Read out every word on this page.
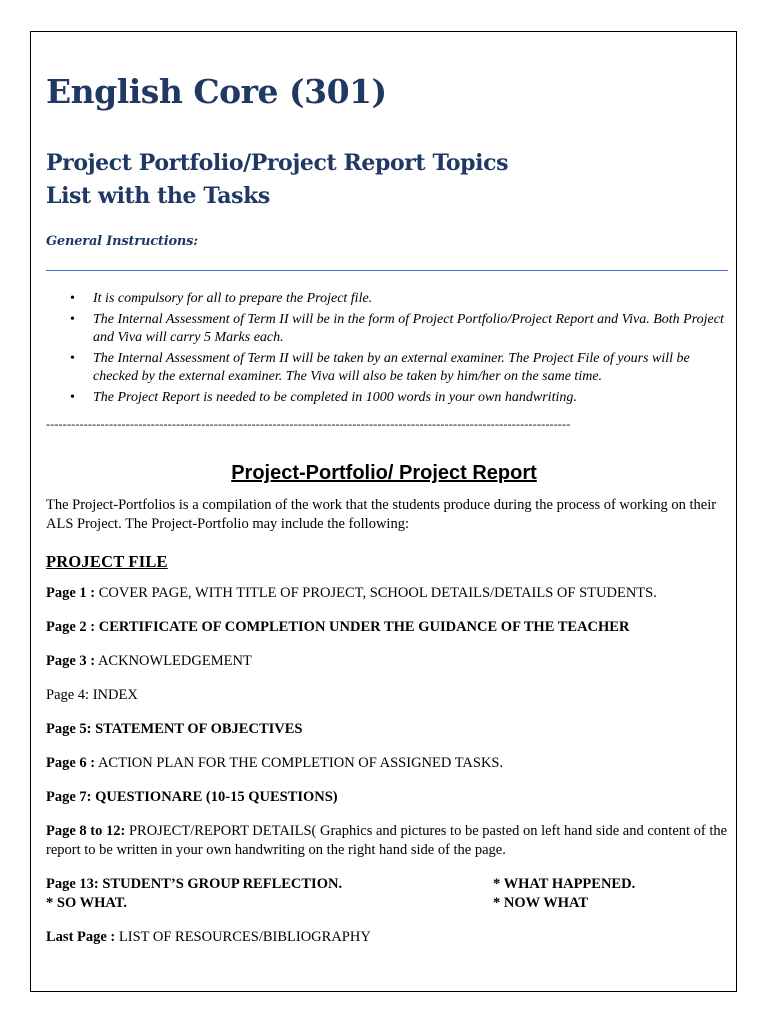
English Core (301)
Project Portfolio/Project Report Topics
List with the Tasks
General Instructions:
• It is compulsory for all to prepare the Project file.
• The Internal Assessment of Term II will be in the form of Project Portfolio/Project Report and Viva. Both Project and Viva will carry 5 Marks each.
• The Internal Assessment of Term II will be taken by an external examiner. The Project File of yours will be checked by the external examiner. The Viva will also be taken by him/her on the same time.
• The Project Report is needed to be completed in 1000 words in your own handwriting.
-----------------------------------------------------------------------------------------------------------------------------
Project-Portfolio/ Project Report
The Project-Portfolios is a compilation of the work that the students produce during the process of working on their ALS Project. The Project-Portfolio may include the following:
PROJECT FILE
Page 1 : COVER PAGE, WITH TITLE OF PROJECT, SCHOOL DETAILS/DETAILS OF STUDENTS.
Page 2 : CERTIFICATE OF COMPLETION UNDER THE GUIDANCE OF THE TEACHER
Page 3 : ACKNOWLEDGEMENT
Page 4: INDEX
Page 5: STATEMENT OF OBJECTIVES
Page 6 : ACTION PLAN FOR THE COMPLETION OF ASSIGNED TASKS.
Page 7: QUESTIONARE (10-15 QUESTIONS)
Page 8 to 12: PROJECT/REPORT DETAILS( Graphics and pictures to be pasted on left hand side and content of the report to be written in your own handwriting on the right hand side of the page.
Page 13: STUDENT’S GROUP REFLECTION.
* SO WHAT.
* WHAT HAPPENED.
* NOW WHAT
Last Page : LIST OF RESOURCES/BIBLIOGRAPHY
